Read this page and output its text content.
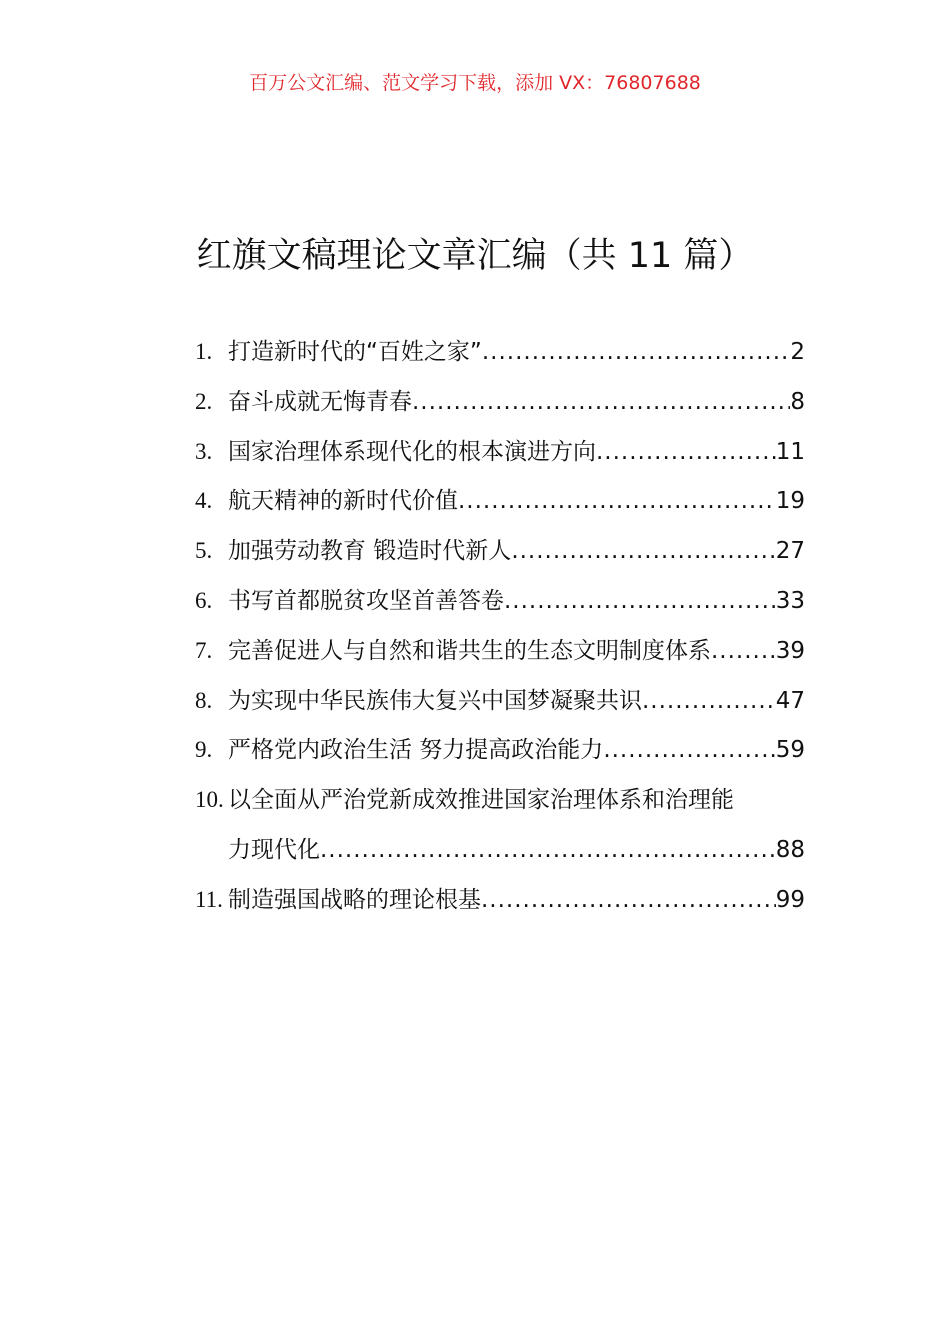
百万公文汇编、范文学习下载，添加 VX：76807688
红旗文稿理论文章汇编（共 11 篇）
1. 打造新时代的“百姓之家” .....	2
2. 奋斗成就无悔青春 .....	8
3. 国家治理体系现代化的根本演进方向 .....	11
4. 航天精神的新时代价值 .....	19
5. 加强劳动教育 锻造时代新人 .....	27
6. 书写首都脱贫攻坚首善答卷 .....	33
7. 完善促进人与自然和谐共生的生态文明制度体系 .....	39
8. 为实现中华民族伟大复兴中国梦凝聚共识 .....	47
9. 严格党内政治生活 努力提高政治能力 .....	59
10. 以全面从严治党新成效推进国家治理体系和治理能
力现代化 .....	88
11. 制造强国战略的理论根基 .....	99
